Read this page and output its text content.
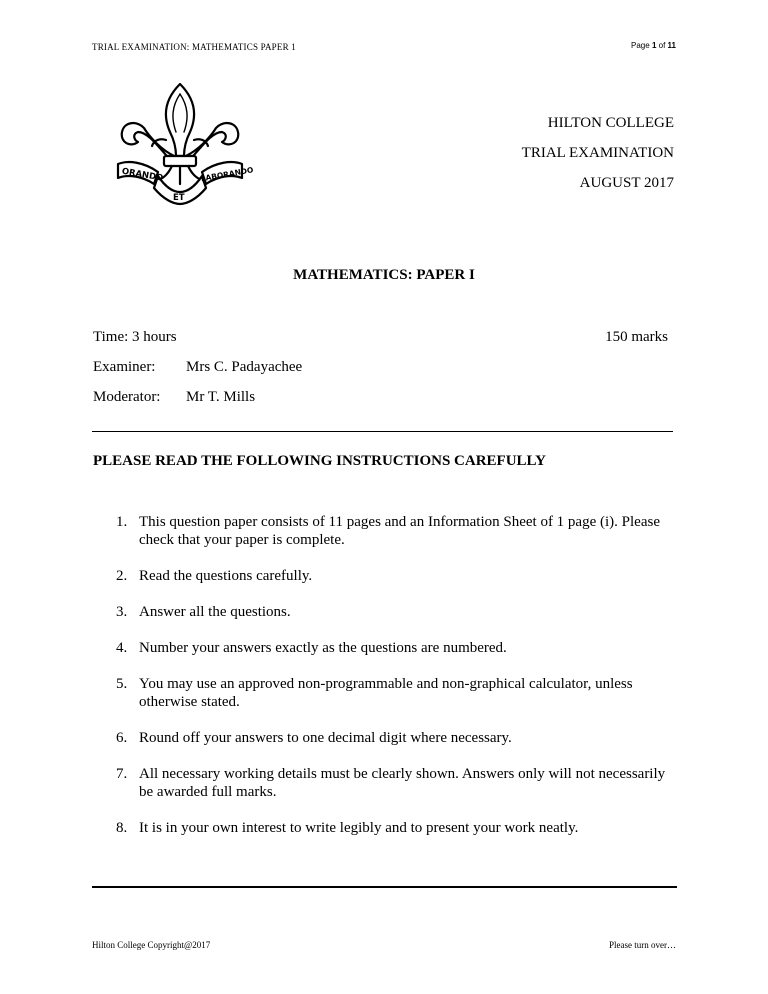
TRIAL EXAMINATION: MATHEMATICS PAPER 1	Page 1 of 11
ORANDO
ET
LABORANDO
HILTON COLLEGE
TRIAL EXAMINATION
AUGUST 2017
MATHEMATICS: PAPER I
Time: 3 hours	150 marks
Examiner: Mrs C. Padayachee
Moderator: Mr T. Mills
PLEASE READ THE FOLLOWING INSTRUCTIONS CAREFULLY
1. This question paper consists of 11 pages and an Information Sheet of 1 page (i). Please check that your paper is complete.
2. Read the questions carefully.
3. Answer all the questions.
4. Number your answers exactly as the questions are numbered.
5. You may use an approved non-programmable and non-graphical calculator, unless otherwise stated.
6. Round off your answers to one decimal digit where necessary.
7. All necessary working details must be clearly shown. Answers only will not necessarily be awarded full marks.
8. It is in your own interest to write legibly and to present your work neatly.
Hilton College Copyright@2017	Please turn over…
